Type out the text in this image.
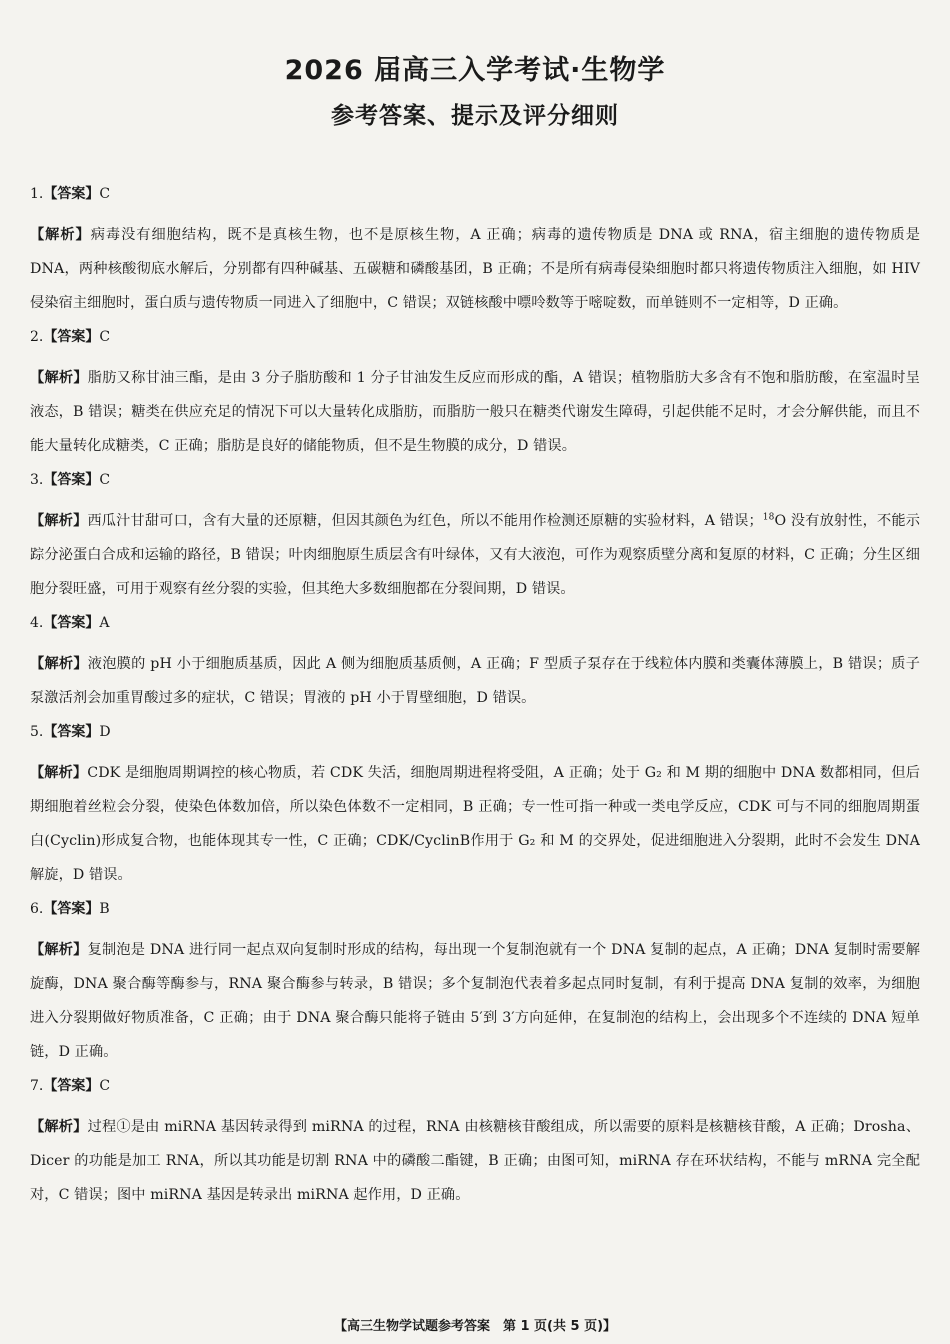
2026 届高三入学考试·生物学
参考答案、提示及评分细则
1.【答案】C

【解析】病毒没有细胞结构，既不是真核生物，也不是原核生物，A 正确；病毒的遗传物质是 DNA 或 RNA，宿主细胞的遗传物质是 DNA，两种核酸彻底水解后，分别都有四种碱基、五碳糖和磷酸基团，B 正确；不是所有病毒侵染细胞时都只将遗传物质注入细胞，如 HIV 侵染宿主细胞时，蛋白质与遗传物质一同进入了细胞中，C 错误；双链核酸中嘌呤数等于嘧啶数，而单链则不一定相等，D 正确。

2.【答案】C

【解析】脂肪又称甘油三酯，是由 3 分子脂肪酸和 1 分子甘油发生反应而形成的酯，A 错误；植物脂肪大多含有不饱和脂肪酸，在室温时呈液态，B 错误；糖类在供应充足的情况下可以大量转化成脂肪，而脂肪一般只在糖类代谢发生障碍，引起供能不足时，才会分解供能，而且不能大量转化成糖类，C 正确；脂肪是良好的储能物质，但不是生物膜的成分，D 错误。

3.【答案】C

【解析】西瓜汁甘甜可口，含有大量的还原糖，但因其颜色为红色，所以不能用作检测还原糖的实验材料，A 错误；$^{18}$O 没有放射性，不能示踪分泌蛋白合成和运输的路径，B 错误；叶肉细胞原生质层含有叶绿体，又有大液泡，可作为观察质壁分离和复原的材料，C 正确；分生区细胞分裂旺盛，可用于观察有丝分裂的实验，但其绝大多数细胞都在分裂间期，D 错误。

4.【答案】A

【解析】液泡膜的 pH 小于细胞质基质，因此 A 侧为细胞质基质侧，A 正确；F 型质子泵存在于线粒体内膜和类囊体薄膜上，B 错误；质子泵激活剂会加重胃酸过多的症状，C 错误；胃液的 pH 小于胃壁细胞，D 错误。

5.【答案】D

【解析】CDK 是细胞周期调控的核心物质，若 CDK 失活，细胞周期进程将受阻，A 正确；处于 G₂ 和 M 期的细胞中 DNA 数都相同，但后期细胞着丝粒会分裂，使染色体数加倍，所以染色体数不一定相同，B 正确；专一性可指一种或一类电学反应，CDK 可与不同的细胞周期蛋白(Cyclin)形成复合物，也能体现其专一性，C 正确；CDK/CyclinB作用于 G₂ 和 M 的交界处，促进细胞进入分裂期，此时不会发生 DNA 解旋，D 错误。

6.【答案】B

【解析】复制泡是 DNA 进行同一起点双向复制时形成的结构，每出现一个复制泡就有一个 DNA 复制的起点，A 正确；DNA 复制时需要解旋酶，DNA 聚合酶等酶参与，RNA 聚合酶参与转录，B 错误；多个复制泡代表着多起点同时复制，有利于提高 DNA 复制的效率，为细胞进入分裂期做好物质准备，C 正确；由于 DNA 聚合酶只能将子链由 5′到 3′方向延伸，在复制泡的结构上，会出现多个不连续的 DNA 短单链，D 正确。

7.【答案】C

【解析】过程①是由 miRNA 基因转录得到 miRNA 的过程，RNA 由核糖核苷酸组成，所以需要的原料是核糖核苷酸，A 正确；Drosha、Dicer 的功能是加工 RNA，所以其功能是切割 RNA 中的磷酸二酯键，B 正确；由图可知，miRNA 存在环状结构，不能与 mRNA 完全配对，C 错误；图中 miRNA 基因是转录出 miRNA 起作用，D 正确。

【高三生物学试题参考答案　第 1 页(共 5 页)】
